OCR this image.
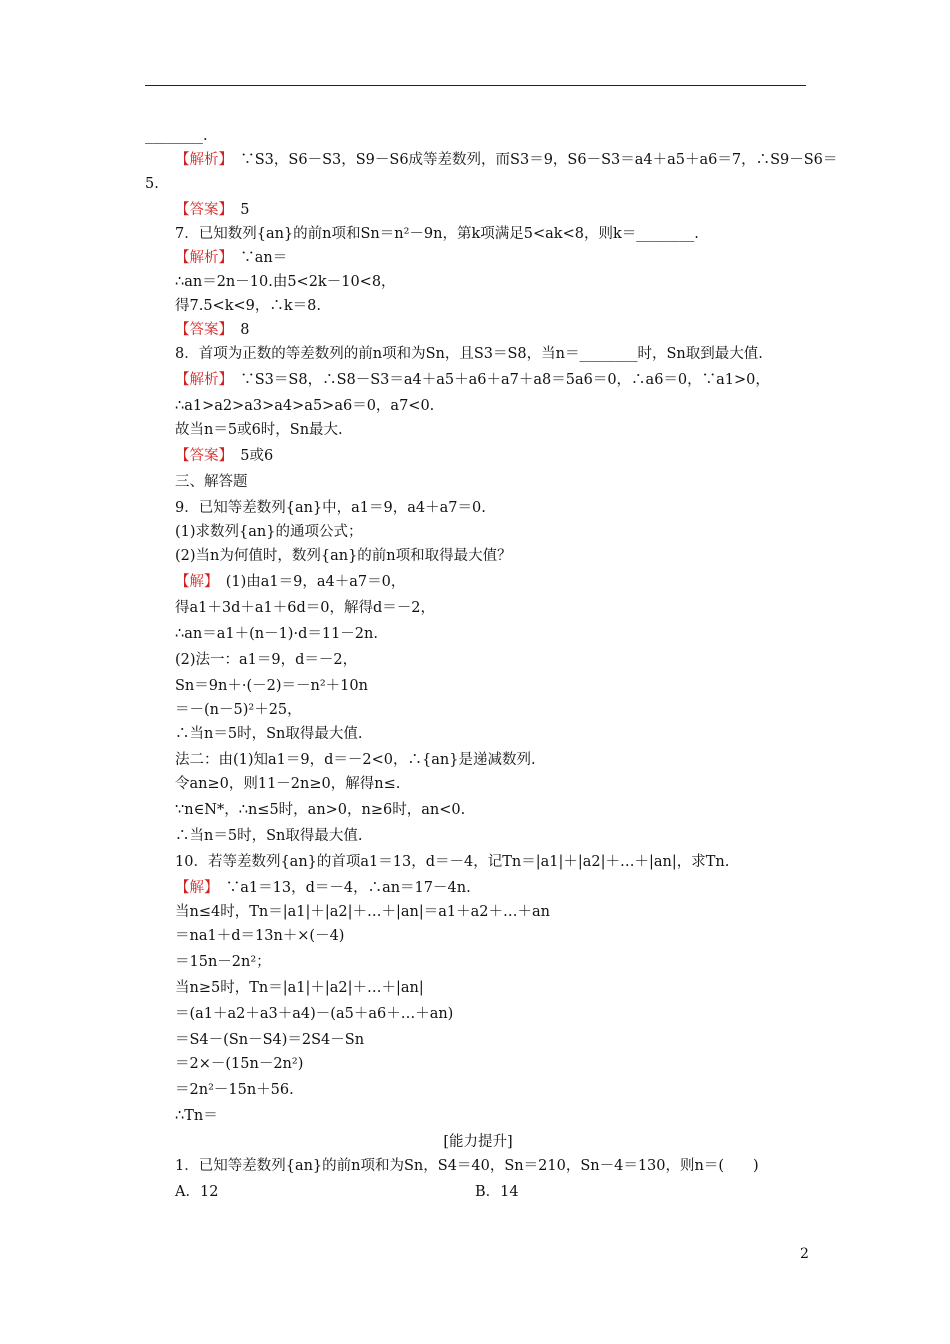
________.
【解析】　∵S3，S6－S3，S9－S6成等差数列，而S3＝9，S6－S3＝a4＋a5＋a6＝7，∴S9－S6＝
5.
【答案】　5
7．已知数列{an}的前n项和Sn＝n²－9n，第k项满足5<ak<8，则k＝________.
【解析】　∵an＝
∴an＝2n－10.由5<2k－10<8，
得7.5<k<9，∴k＝8.
【答案】　8
8．首项为正数的等差数列的前n项和为Sn，且S3＝S8，当n＝________时，Sn取到最大值.
【解析】　∵S3＝S8，∴S8－S3＝a4＋a5＋a6＋a7＋a8＝5a6＝0，∴a6＝0，∵a1>0，
∴a1>a2>a3>a4>a5>a6＝0，a7<0.
故当n＝5或6时，Sn最大.
【答案】　5或6
三、解答题
9．已知等差数列{an}中，a1＝9，a4＋a7＝0.
(1)求数列{an}的通项公式；
(2)当n为何值时，数列{an}的前n项和取得最大值？
【解】　(1)由a1＝9，a4＋a7＝0，
得a1＋3d＋a1＋6d＝0，解得d＝－2，
∴an＝a1＋(n－1)·d＝11－2n.
(2)法一：a1＝9，d＝－2，
Sn＝9n＋·(－2)＝－n²＋10n
＝－(n－5)²＋25，
∴当n＝5时，Sn取得最大值.
法二：由(1)知a1＝9，d＝－2<0，∴{an}是递减数列.
令an≥0，则11－2n≥0，解得n≤.
∵n∈N*，∴n≤5时，an>0，n≥6时，an<0.
∴当n＝5时，Sn取得最大值.
10．若等差数列{an}的首项a1＝13，d＝－4，记Tn＝|a1|＋|a2|＋…＋|an|，求Tn.
【解】　∵a1＝13，d＝－4，∴an＝17－4n.
当n≤4时，Tn＝|a1|＋|a2|＋…＋|an|＝a1＋a2＋…＋an
＝na1＋d＝13n＋×(－4)
＝15n－2n²；
当n≥5时，Tn＝|a1|＋|a2|＋…＋|an|
＝(a1＋a2＋a3＋a4)－(a5＋a6＋…＋an)
＝S4－(Sn－S4)＝2S4－Sn
＝2×－(15n－2n²)
＝2n²－15n＋56.
∴Tn＝
[能力提升]
1．已知等差数列{an}的前n项和为Sn，S4＝40，Sn＝210，Sn－4＝130，则n＝(　　)
A．12	B．14
2
